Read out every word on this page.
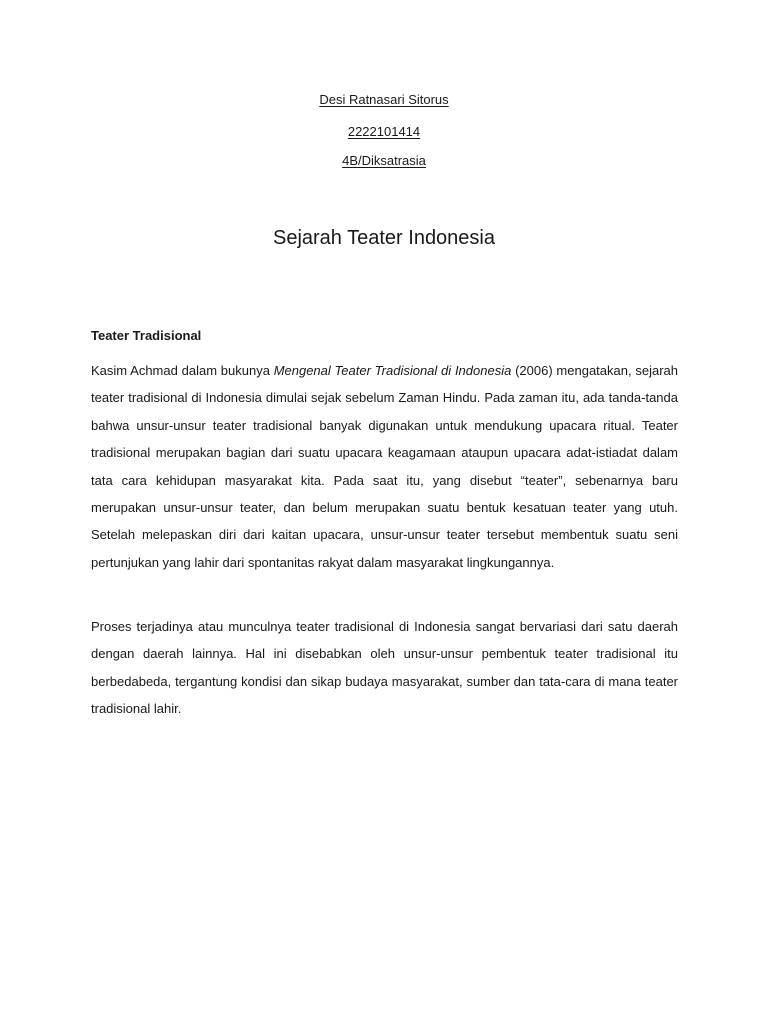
Desi Ratnasari Sitorus
2222101414
4B/Diksatrasia
Sejarah Teater Indonesia
Teater Tradisional

Kasim Achmad dalam bukunya Mengenal Teater Tradisional di Indonesia (2006) mengatakan, sejarah teater tradisional di Indonesia dimulai sejak sebelum Zaman Hindu. Pada zaman itu, ada tanda-tanda bahwa unsur-unsur teater tradisional banyak digunakan untuk mendukung upacara ritual. Teater tradisional merupakan bagian dari suatu upacara keagamaan ataupun upacara adat-istiadat dalam tata cara kehidupan masyarakat kita. Pada saat itu, yang disebut “teater”, sebenarnya baru merupakan unsur-unsur teater, dan belum merupakan suatu bentuk kesatuan teater yang utuh. Setelah melepaskan diri dari kaitan upacara, unsur-unsur teater tersebut membentuk suatu seni pertunjukan yang lahir dari spontanitas rakyat dalam masyarakat lingkungannya.

Proses terjadinya atau munculnya teater tradisional di Indonesia sangat bervariasi dari satu daerah dengan daerah lainnya. Hal ini disebabkan oleh unsur-unsur pembentuk teater tradisional itu berbedabeda, tergantung kondisi dan sikap budaya masyarakat, sumber dan tata-cara di mana teater tradisional lahir.
